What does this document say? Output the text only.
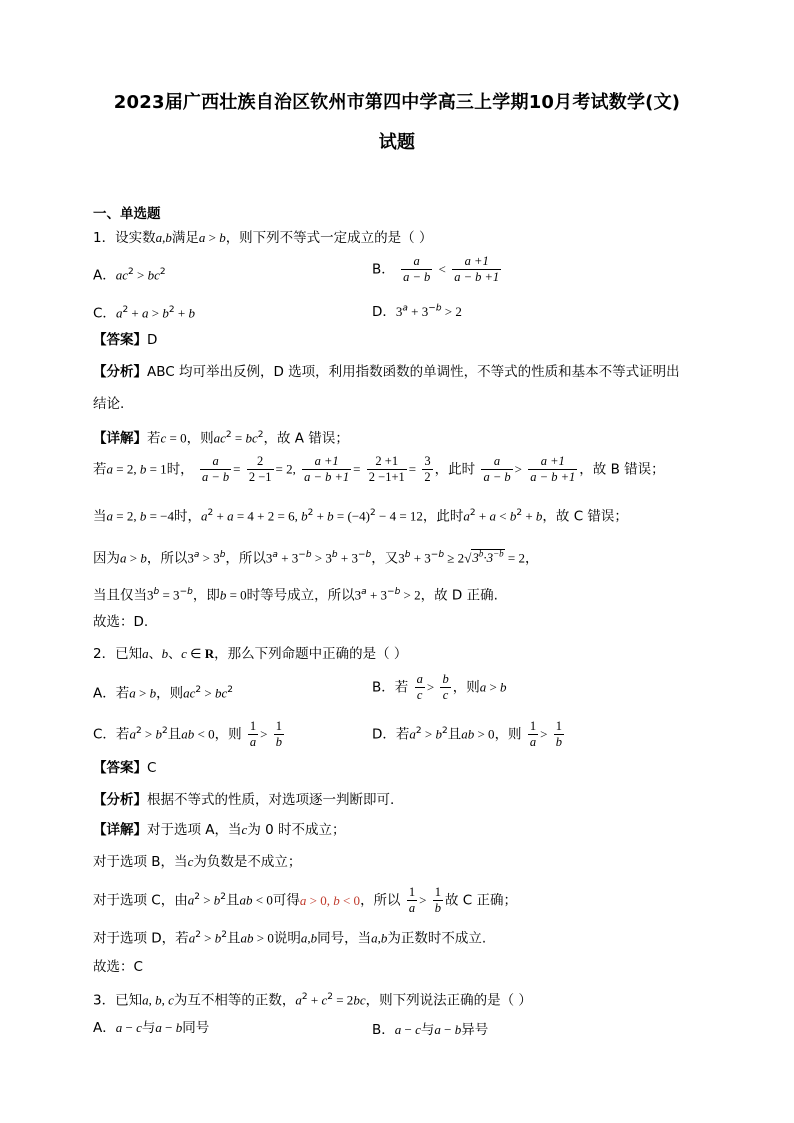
2023届广西壮族自治区钦州市第四中学高三上学期10月考试数学(文)
试题
一、单选题
1．设实数a,b满足a > b，则下列不等式一定成立的是（ ）
A．$ac^2 > bc^2$	B． $\frac{a}{a - b} < \frac{a +1}{a - b +1}$
C．$a^2 + a > b^2 + b$	D．$3^a + 3^{-b} > 2$
【答案】D
【分析】ABC 均可举出反例，D 选项，利用指数函数的单调性，不等式的性质和基本不等式证明出
结论.
【详解】若c = 0，则$ac^2 = bc^2$，故 A 错误；
若a = 2, b = 1时， $\frac{a}{a - b} = \frac{2}{2 -1} = 2$, $\frac{a +1}{a - b +1} = \frac{2 +1}{2 -1+1} = \frac{3}{2}$ ，此时 $\frac{a}{a - b} > \frac{a +1}{a - b +1}$ ，故 B 错误；
当a = 2, b = −4时，$a^2 + a = 4 + 2 = 6$, $b^2 + b = (-4)^2 - 4 = 12$，此时$a^2 + a < b^2 + b$，故 C 错误；
因为a > b，所以$3^a > 3^b$，所以$3^a + 3^{-b} > 3^b + 3^{-b}$，又$3^b + 3^{-b} \ge 2√3^b\cdot 3^{-b} = 2$，
当且仅当$3^b = 3^{-b}$，即b = 0时等号成立，所以$3^a + 3^{-b} > 2$，故 D 正确.
故选：D.
2．已知a、b、c ∈ R，那么下列命题中正确的是（ ）
A．若a > b，则$ac^2 > bc^2$	B．若 $\frac{a}{c} > \frac{b}{c}$ ，则a > b
C．若$a^2 > b^2$且ab < 0，则 $\frac{1}{a} > \frac{1}{b}$	D．若$a^2 > b^2$且ab > 0，则 $\frac{1}{a} > \frac{1}{b}$
【答案】C
【分析】根据不等式的性质，对选项逐一判断即可.
【详解】对于选项 A，当c为 0 时不成立；
对于选项 B，当c为负数是不成立；
对于选项 C，由$a^2 > b^2$且ab < 0可得a > 0, b < 0，所以 $\frac{1}{a} > \frac{1}{b}$ 故 C 正确；
对于选项 D，若$a^2 > b^2$且ab > 0说明a,b同号，当a,b为正数时不成立.
故选：C
3．已知a, b, c为互不相等的正数，$a^2 + c^2 = 2bc$，则下列说法正确的是（ ）
A．a − c与a − b同号	B．a − c与a − b异号
